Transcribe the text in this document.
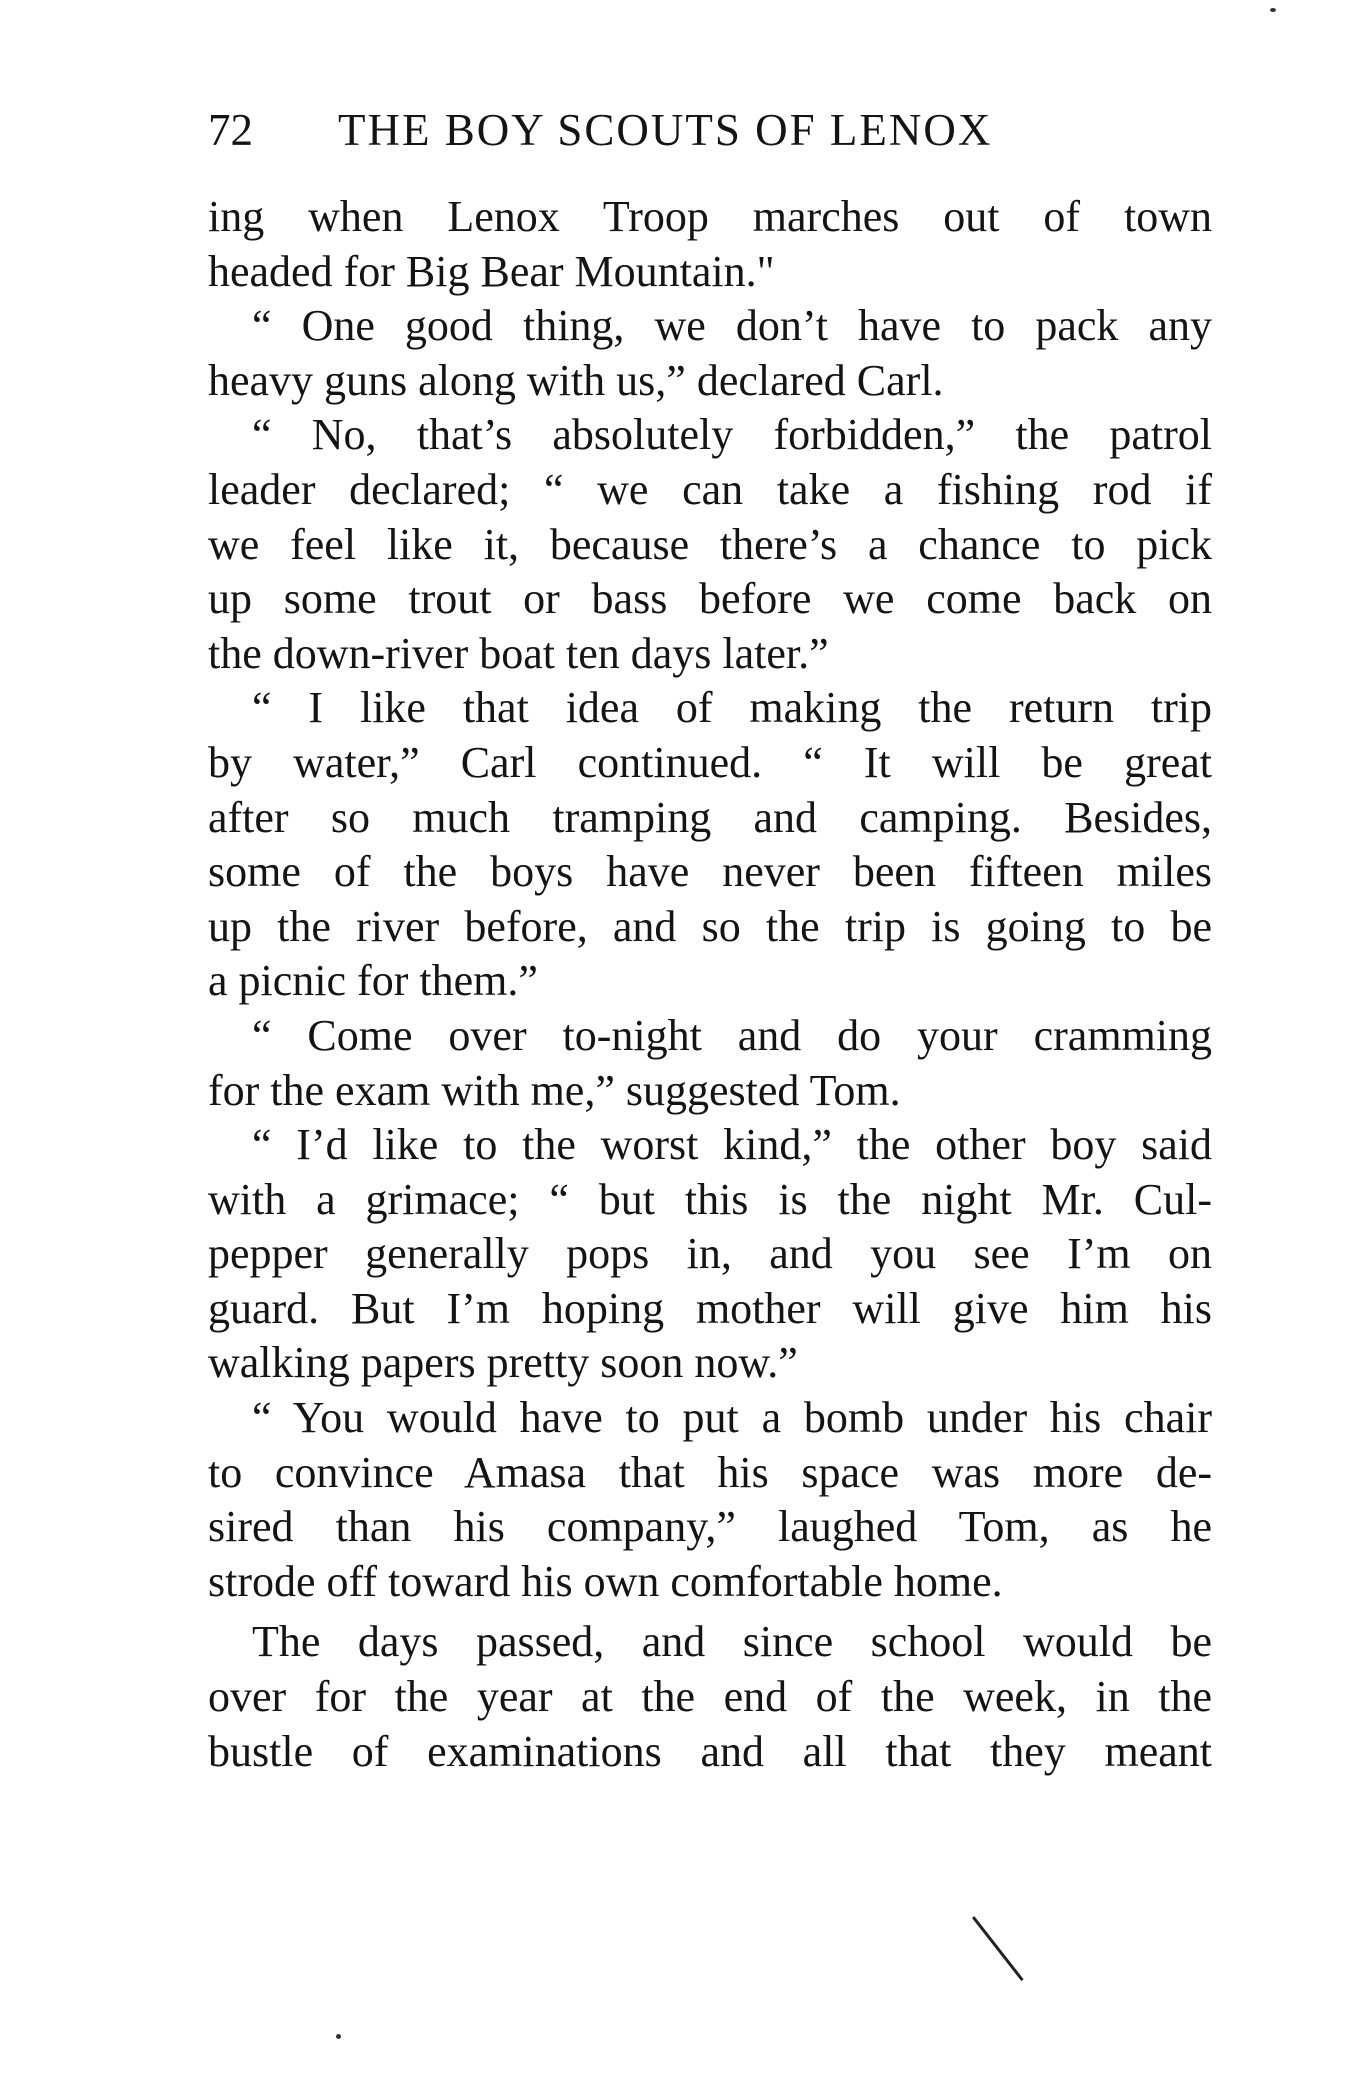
72 THE BOY SCOUTS OF LENOX
ing when Lenox Troop marches out of town
headed for Big Bear Mountain."
“ One good thing, we don’t have to pack any
heavy guns along with us,” declared Carl.
“ No, that’s absolutely forbidden,” the patrol
leader declared; “ we can take a fishing rod if
we feel like it, because there’s a chance to pick
up some trout or bass before we come back on
the down-river boat ten days later.”
“ I like that idea of making the return trip
by water,” Carl continued. “ It will be great
after so much tramping and camping. Besides,
some of the boys have never been fifteen miles
up the river before, and so the trip is going to be
a picnic for them.”
“ Come over to-night and do your cramming
for the exam with me,” suggested Tom.
“ I’d like to the worst kind,” the other boy said
with a grimace; “ but this is the night Mr. Cul-
pepper generally pops in, and you see I’m on
guard. But I’m hoping mother will give him his
walking papers pretty soon now.”
“ You would have to put a bomb under his chair
to convince Amasa that his space was more de-
sired than his company,” laughed Tom, as he
strode off toward his own comfortable home.
The days passed, and since school would be
over for the year at the end of the week, in the
bustle of examinations and all that they meant
